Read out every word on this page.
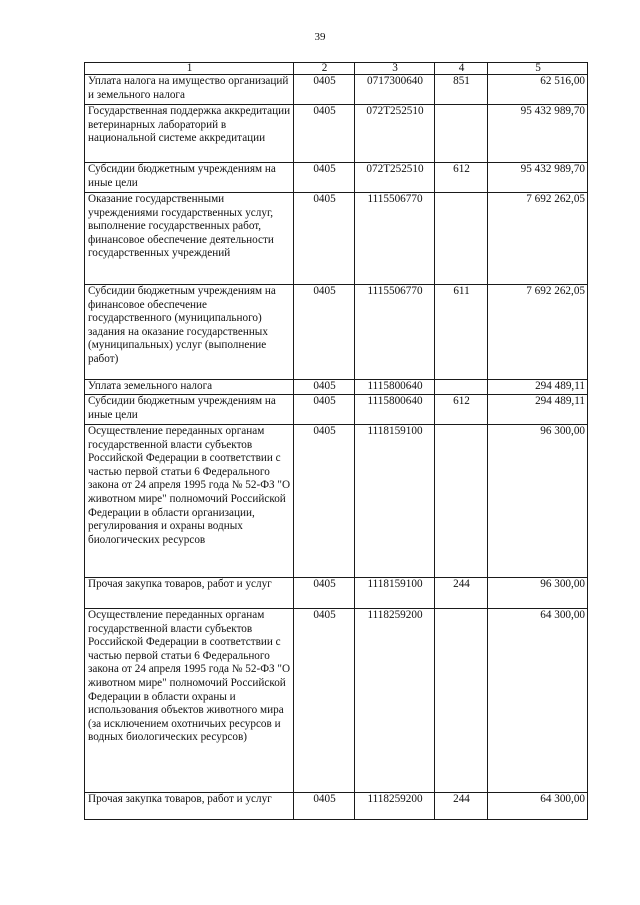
39
1	2	3	4	5
Уплата налога на имущество организаций и земельного налога	0405	0717300640	851	62 516,00
Государственная поддержка аккредитации ветеринарных лабораторий в национальной системе аккредитации	0405	072T252510		95 432 989,70
Субсидии бюджетным учреждениям на иные цели	0405	072T252510	612	95 432 989,70
Оказание государственными учреждениями государственных услуг, выполнение государственных работ, финансовое обеспечение деятельности государственных учреждений	0405	1115506770		7 692 262,05
Субсидии бюджетным учреждениям на финансовое обеспечение государственного (муниципального) задания на оказание государственных (муниципальных) услуг (выполнение работ)	0405	1115506770	611	7 692 262,05
Уплата земельного налога	0405	1115800640		294 489,11
Субсидии бюджетным учреждениям на иные цели	0405	1115800640	612	294 489,11
Осуществление переданных органам государственной власти субъектов Российской Федерации в соответствии с частью первой статьи 6 Федерального закона от 24 апреля 1995 года № 52-ФЗ "О животном мире" полномочий Российской Федерации в области организации, регулирования и охраны водных биологических ресурсов	0405	1118159100		96 300,00
Прочая закупка товаров, работ и услуг	0405	1118159100	244	96 300,00
Осуществление переданных органам государственной власти субъектов Российской Федерации в соответствии с частью первой статьи 6 Федерального закона от 24 апреля 1995 года № 52-ФЗ "О животном мире" полномочий Российской Федерации в области охраны и использования объектов животного мира (за исключением охотничьих ресурсов и водных биологических ресурсов)	0405	1118259200		64 300,00
Прочая закупка товаров, работ и услуг	0405	1118259200	244	64 300,00
